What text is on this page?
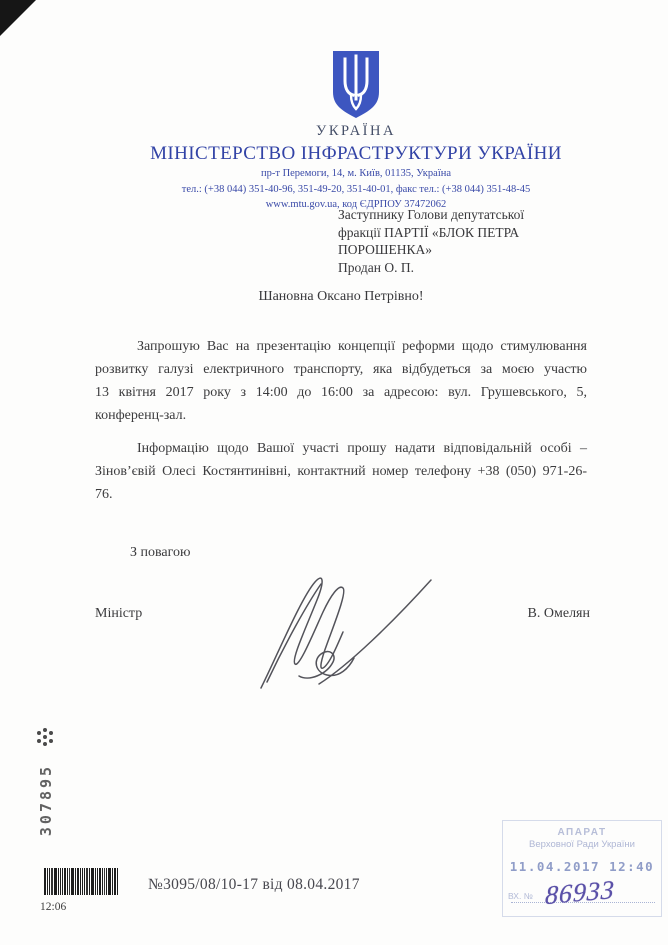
УКРАЇНА
МІНІСТЕРСТВО ІНФРАСТРУКТУРИ УКРАЇНИ
пр-т Перемоги, 14, м. Київ, 01135, Україна
тел.: (+38 044) 351-40-96, 351-49-20, 351-40-01, факс тел.: (+38 044) 351-48-45
www.mtu.gov.ua, код ЄДРПОУ 37472062
Заступнику Голови депутатської
фракції ПАРТІЇ «БЛОК ПЕТРА
ПОРОШЕНКА»
Продан О. П.
Шановна Оксано Петрівно!
Запрошую Вас на презентацію концепції реформи щодо стимулювання
розвитку галузі електричного транспорту, яка відбудеться за моєю участю
13 квітня 2017 року з 14:00 до 16:00 за адресою: вул. Грушевського, 5,
конференц-зал.
Інформацію щодо Вашої участі прошу надати відповідальній особі –
Зінов’євій Олесі Костянтинівні, контактний номер телефону +38 (050) 971-26-
76.
З повагою
Міністр	В. Омелян
307895
12:06
№3095/08/10-17 від 08.04.2017
АПАРАТ
Верховної Ради України
11.04.2017 12:40
ВХ. № 86933
